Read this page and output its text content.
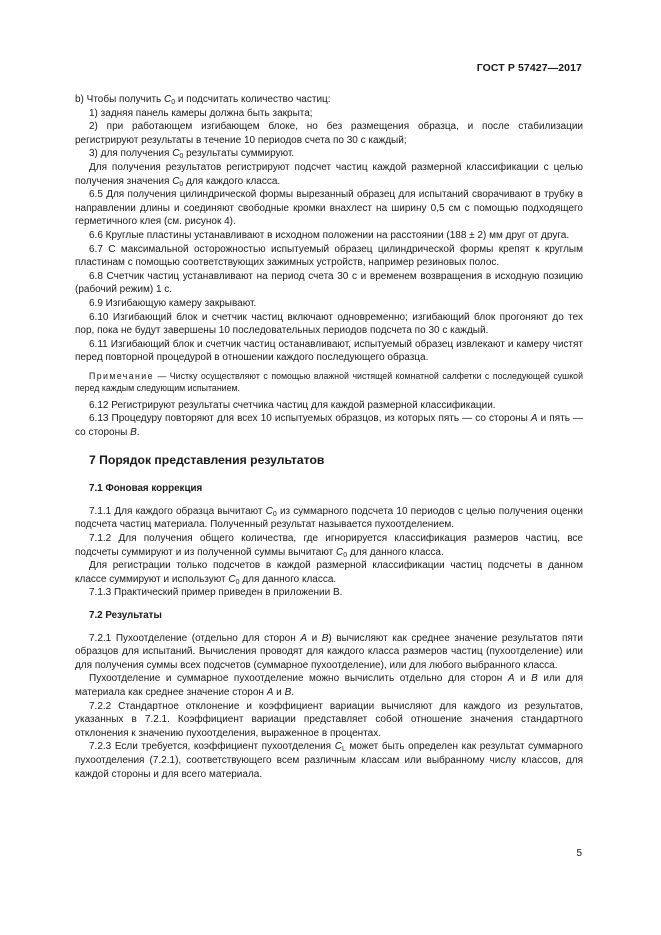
ГОСТ Р 57427—2017

b) Чтобы получить $C_0$ и подсчитать количество частиц:

1) задняя панель камеры должна быть закрыта;

2) при работающем изгибающем блоке, но без размещения образца, и после стабилизации регистрируют результаты в течение 10 периодов счета по 30 с каждый;

3) для получения $C_0$ результаты суммируют.

Для получения результатов регистрируют подсчет частиц каждой размерной классификации с целью получения значения $C_0$ для каждого класса.

6.5 Для получения цилиндрической формы вырезанный образец для испытаний сворачивают в трубку в направлении длины и соединяют свободные кромки внахлест на ширину 0,5 см с помощью подходящего герметичного клея (см. рисунок 4).

6.6 Круглые пластины устанавливают в исходном положении на расстоянии (188 ± 2) мм друг от друга.

6.7 С максимальной осторожностью испытуемый образец цилиндрической формы крепят к круглым пластинам с помощью соответствующих зажимных устройств, например резиновых полос.

6.8 Счетчик частиц устанавливают на период счета 30 с и временем возвращения в исходную позицию (рабочий режим) 1 с.

6.9 Изгибающую камеру закрывают.

6.10 Изгибающий блок и счетчик частиц включают одновременно; изгибающий блок прогоняют до тех пор, пока не будут завершены 10 последовательных периодов подсчета по 30 с каждый.

6.11 Изгибающий блок и счетчик частиц останавливают, испытуемый образец извлекают и камеру чистят перед повторной процедурой в отношении каждого последующего образца.

Примечание — Чистку осуществляют с помощью влажной чистящей комнатной салфетки с последующей сушкой перед каждым следующим испытанием.

6.12 Регистрируют результаты счетчика частиц для каждой размерной классификации.

6.13 Процедуру повторяют для всех 10 испытуемых образцов, из которых пять — со стороны A и пять — со стороны B.

7 Порядок представления результатов

7.1 Фоновая коррекция

7.1.1 Для каждого образца вычитают $C_0$ из суммарного подсчета 10 периодов с целью получения оценки подсчета частиц материала. Полученный результат называется пухоотделением.

7.1.2 Для получения общего количества, где игнорируется классификация размеров частиц, все подсчеты суммируют и из полученной суммы вычитают $C_0$ для данного класса.

Для регистрации только подсчетов в каждой размерной классификации частиц подсчеты в данном классе суммируют и используют $C_0$ для данного класса.

7.1.3 Практический пример приведен в приложении В.

7.2 Результаты

7.2.1 Пухоотделение (отдельно для сторон A и B) вычисляют как среднее значение результатов пяти образцов для испытаний. Вычисления проводят для каждого класса размеров частиц (пухоотделение) или для получения суммы всех подсчетов (суммарное пухоотделение), или для любого выбранного класса.

Пухоотделение и суммарное пухоотделение можно вычислить отдельно для сторон A и B или для материала как среднее значение сторон A и B.

7.2.2 Стандартное отклонение и коэффициент вариации вычисляют для каждого из результатов, указанных в 7.2.1. Коэффициент вариации представляет собой отношение значения стандартного отклонения к значению пухоотделения, выраженное в процентах.

7.2.3 Если требуется, коэффициент пухоотделения $C_L$ может быть определен как результат суммарного пухоотделения (7.2.1), соответствующего всем различным классам или выбранному числу классов, для каждой стороны и для всего материала.

5
